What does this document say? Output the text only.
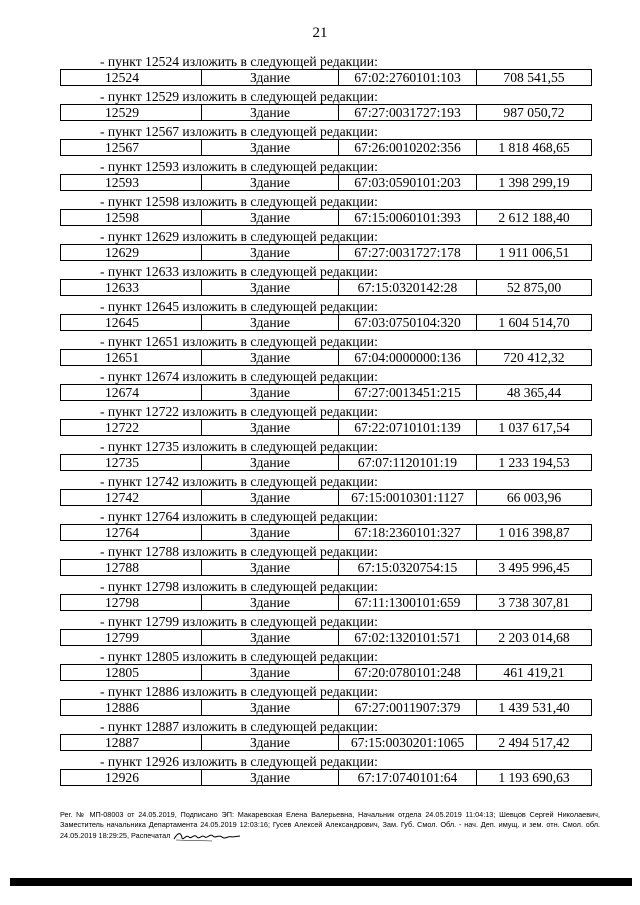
21
- пункт 12524 изложить в следующей редакции:
12524	Здание	67:02:2760101:103	708 541,55
- пункт 12529 изложить в следующей редакции:
12529	Здание	67:27:0031727:193	987 050,72
- пункт 12567 изложить в следующей редакции:
12567	Здание	67:26:0010202:356	1 818 468,65
- пункт 12593 изложить в следующей редакции:
12593	Здание	67:03:0590101:203	1 398 299,19
- пункт 12598 изложить в следующей редакции:
12598	Здание	67:15:0060101:393	2 612 188,40
- пункт 12629 изложить в следующей редакции:
12629	Здание	67:27:0031727:178	1 911 006,51
- пункт 12633 изложить в следующей редакции:
12633	Здание	67:15:0320142:28	52 875,00
- пункт 12645 изложить в следующей редакции:
12645	Здание	67:03:0750104:320	1 604 514,70
- пункт 12651 изложить в следующей редакции:
12651	Здание	67:04:0000000:136	720 412,32
- пункт 12674 изложить в следующей редакции:
12674	Здание	67:27:0013451:215	48 365,44
- пункт 12722 изложить в следующей редакции:
12722	Здание	67:22:0710101:139	1 037 617,54
- пункт 12735 изложить в следующей редакции:
12735	Здание	67:07:1120101:19	1 233 194,53
- пункт 12742 изложить в следующей редакции:
12742	Здание	67:15:0010301:1127	66 003,96
- пункт 12764 изложить в следующей редакции:
12764	Здание	67:18:2360101:327	1 016 398,87
- пункт 12788 изложить в следующей редакции:
12788	Здание	67:15:0320754:15	3 495 996,45
- пункт 12798 изложить в следующей редакции:
12798	Здание	67:11:1300101:659	3 738 307,81
- пункт 12799 изложить в следующей редакции:
12799	Здание	67:02:1320101:571	2 203 014,68
- пункт 12805 изложить в следующей редакции:
12805	Здание	67:20:0780101:248	461 419,21
- пункт 12886 изложить в следующей редакции:
12886	Здание	67:27:0011907:379	1 439 531,40
- пункт 12887 изложить в следующей редакции:
12887	Здание	67:15:0030201:1065	2 494 517,42
- пункт 12926 изложить в следующей редакции:
12926	Здание	67:17:0740101:64	1 193 690,63
Рег. № МП-08003 от 24.05.2019, Подписано ЭП: Макаревская Елена Валерьевна, Начальник отдела 24.05.2019 11:04:13; Шевцов Сергей Николаевич, Заместитель начальника Департамента 24.05.2019 12:03:16; Гусев Алексей Александрович, Зам. Губ. Смол. Обл. - нач. Деп. имущ. и зем. отн. Смол. обл. 24.05.2019 18:29:25, Распечатал
